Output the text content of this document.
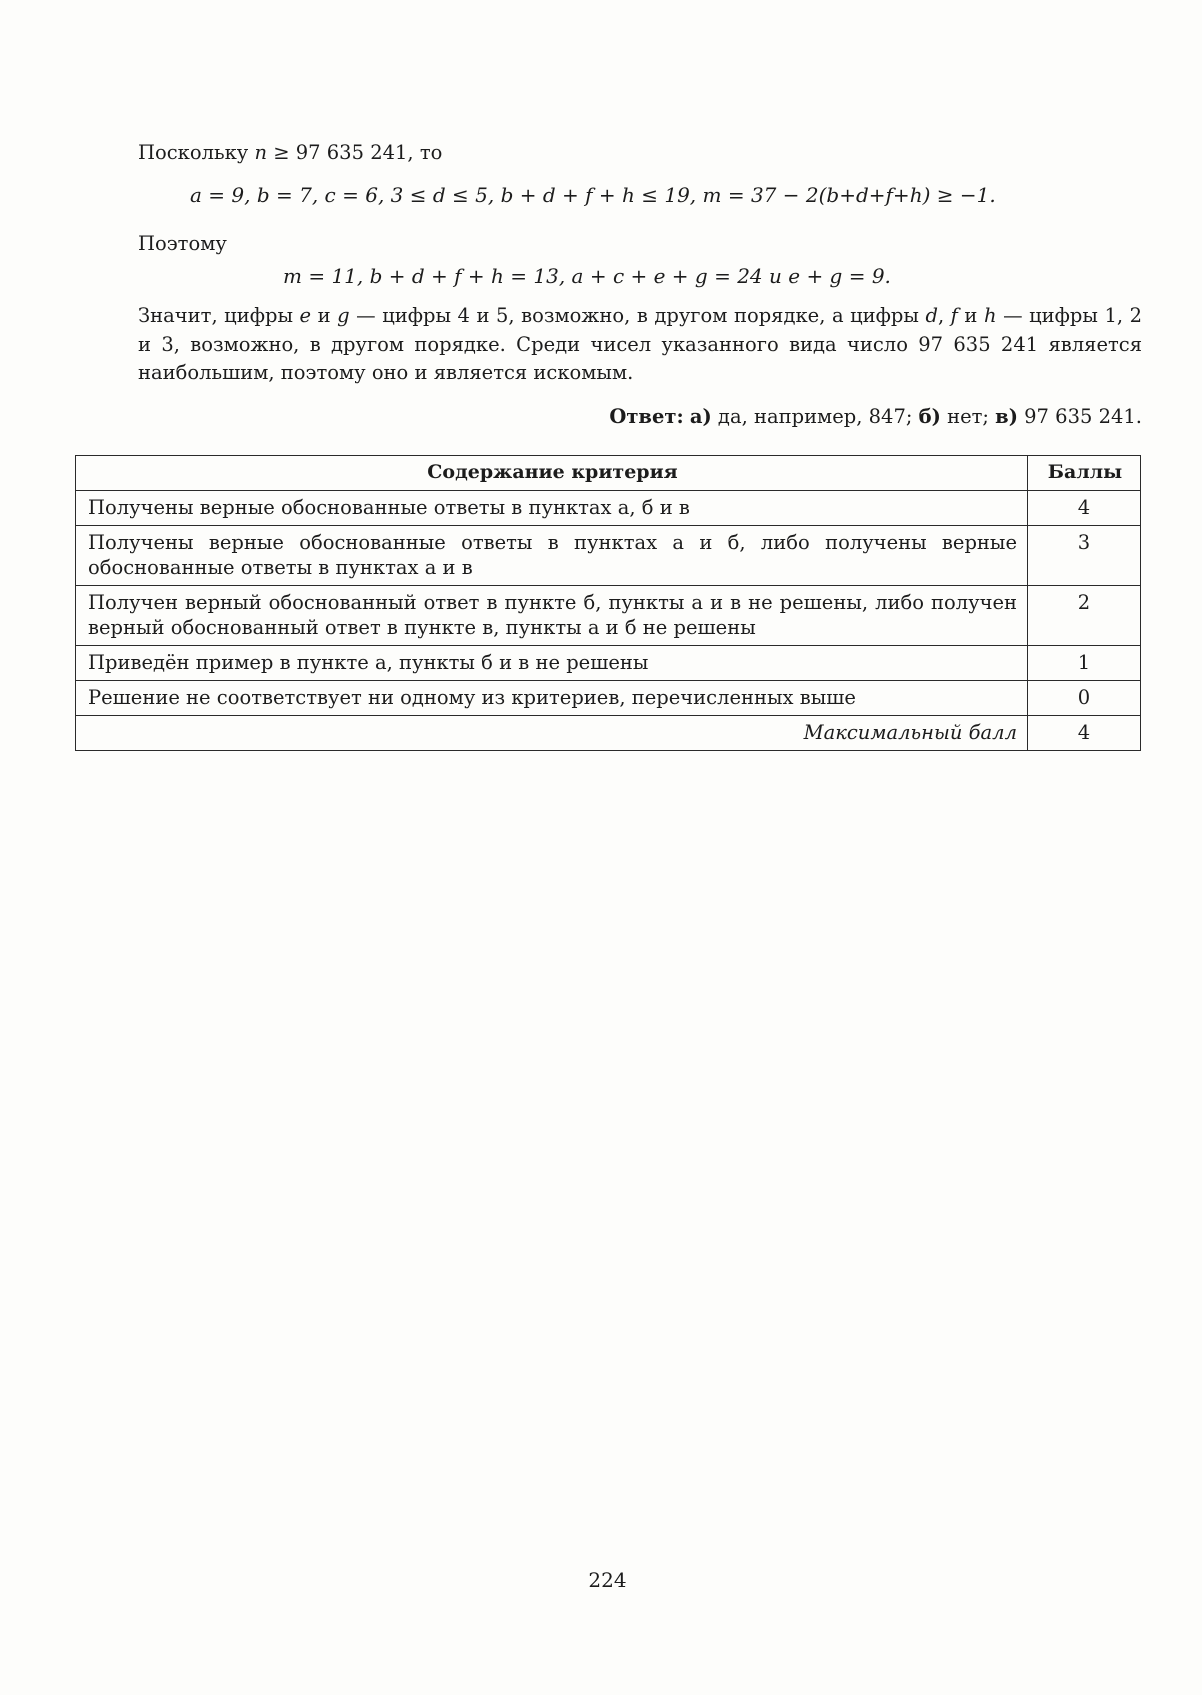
Поскольку n ≥ 97 635 241, то

a = 9, b = 7, c = 6, 3 ≤ d ≤ 5, b + d + f + h ≤ 19, m = 37 − 2(b+d+f+h) ≥ −1.

Поэтому

m = 11, b + d + f + h = 13, a + c + e + g = 24 и e + g = 9.

Значит, цифры e и g — цифры 4 и 5, возможно, в другом порядке, а цифры d, f и h — цифры 1, 2 и 3, возможно, в другом порядке. Среди чисел указанного вида число 97 635 241 является наибольшим, поэтому оно и является искомым.

Ответ: а) да, например, 847; б) нет; в) 97 635 241.

Содержание критерия	Баллы
Получены верные обоснованные ответы в пунктах а, б и в	4
Получены верные обоснованные ответы в пунктах а и б, либо получены верные обоснованные ответы в пунктах а и в	3
Получен верный обоснованный ответ в пункте б, пункты а и в не решены, либо получен верный обоснованный ответ в пункте в, пункты а и б не решены	2
Приведён пример в пункте а, пункты б и в не решены	1
Решение не соответствует ни одному из критериев, перечисленных выше	0
Максимальный балл	4
224
